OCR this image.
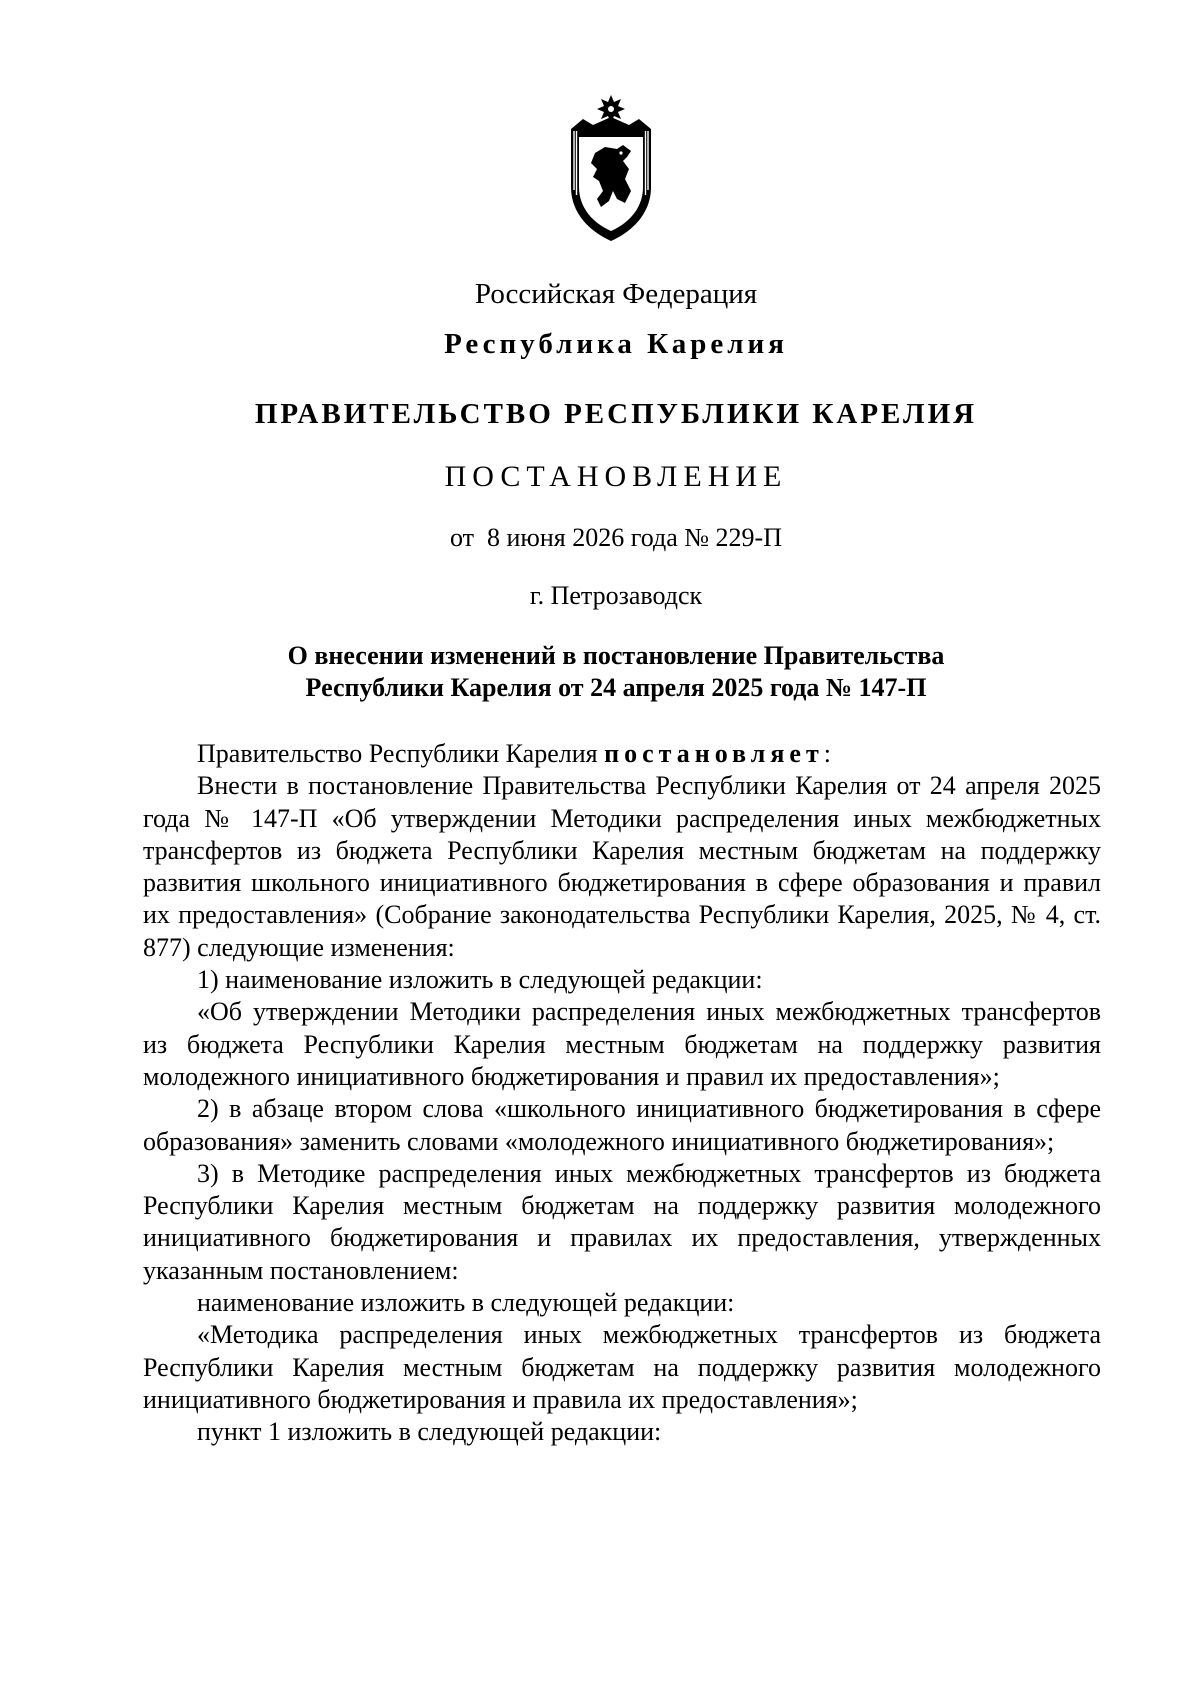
Российская Федерация
Республика Карелия
ПРАВИТЕЛЬСТВО РЕСПУБЛИКИ КАРЕЛИЯ
ПОСТАНОВЛЕНИЕ
от  8 июня 2026 года № 229-П
г. Петрозаводск
О внесении изменений в постановление Правительства
Республики Карелия от 24 апреля 2025 года № 147-П

Правительство Республики Карелия постановляет:

Внести в постановление Правительства Республики Карелия от 24 апреля 2025 года № 147-П «Об утверждении Методики распределения иных межбюджетных трансфертов из бюджета Республики Карелия местным бюджетам на поддержку развития школьного инициативного бюджетирования в сфере образования и правил их предоставления» (Собрание законодательства Республики Карелия, 2025, № 4, ст. 877) следующие изменения:

1) наименование изложить в следующей редакции:

«Об утверждении Методики распределения иных межбюджетных трансфертов из бюджета Республики Карелия местным бюджетам на поддержку развития молодежного инициативного бюджетирования и правил их предоставления»;

2) в абзаце втором слова «школьного инициативного бюджетирования в сфере образования» заменить словами «молодежного инициативного бюджетирования»;

3) в Методике распределения иных межбюджетных трансфертов из бюджета Республики Карелия местным бюджетам на поддержку развития молодежного инициативного бюджетирования и правилах их предоставления, утвержденных указанным постановлением:

наименование изложить в следующей редакции:

«Методика распределения иных межбюджетных трансфертов из бюджета Республики Карелия местным бюджетам на поддержку развития молодежного инициативного бюджетирования и правила их предоставления»;

пункт 1 изложить в следующей редакции:
